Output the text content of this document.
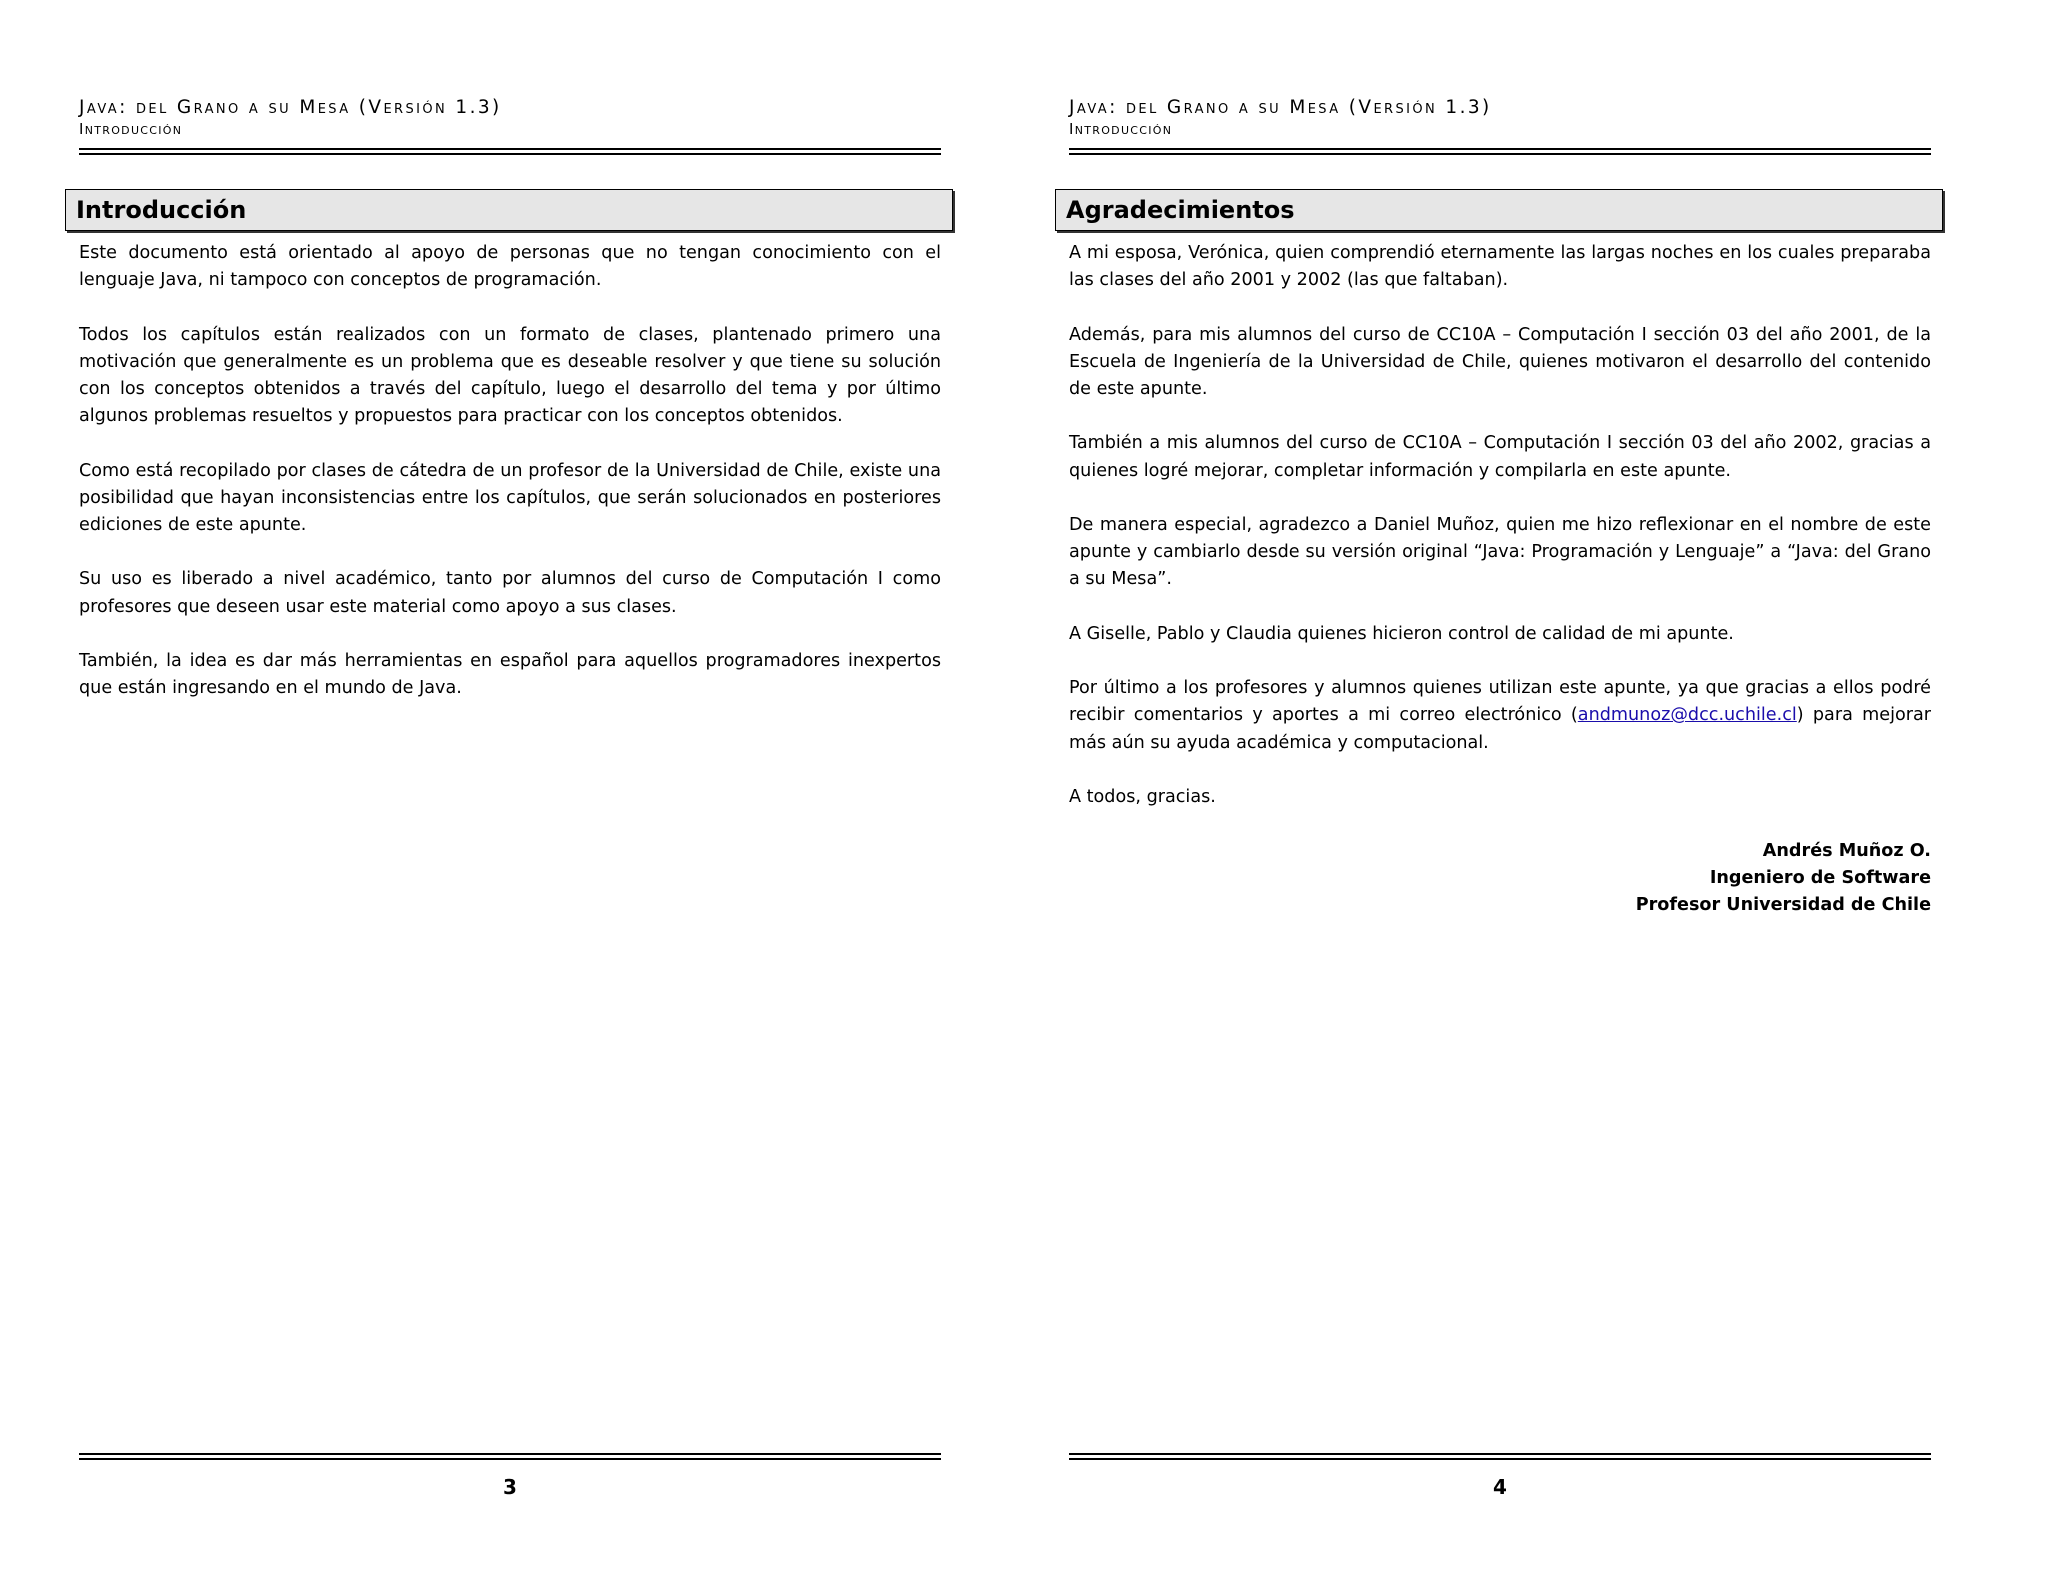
Java: del Grano a su Mesa (Versión 1.3)
Introducción
Introducción

Este documento está orientado al apoyo de personas que no tengan conocimiento con el lenguaje Java, ni tampoco con conceptos de programación.

Todos los capítulos están realizados con un formato de clases, plantenado primero una motivación que generalmente es un problema que es deseable resolver y que tiene su solución con los conceptos obtenidos a través del capítulo, luego el desarrollo del tema y por último algunos problemas resueltos y propuestos para practicar con los conceptos obtenidos.

Como está recopilado por clases de cátedra de un profesor de la Universidad de Chile, existe una posibilidad que hayan inconsistencias entre los capítulos, que serán solucionados en posteriores ediciones de este apunte.

Su uso es liberado a nivel académico, tanto por alumnos del curso de Computación I como profesores que deseen usar este material como apoyo a sus clases.

También, la idea es dar más herramientas en español para aquellos programadores inexpertos que están ingresando en el mundo de Java.

3
Java: del Grano a su Mesa (Versión 1.3)
Introducción
Agradecimientos

A mi esposa, Verónica, quien comprendió eternamente las largas noches en los cuales preparaba las clases del año 2001 y 2002 (las que faltaban).

Además, para mis alumnos del curso de CC10A – Computación I sección 03 del año 2001, de la Escuela de Ingeniería de la Universidad de Chile, quienes motivaron el desarrollo del contenido de este apunte.

También a mis alumnos del curso de CC10A – Computación I sección 03 del año 2002, gracias a quienes logré mejorar, completar información y compilarla en este apunte.

De manera especial, agradezco a Daniel Muñoz, quien me hizo reflexionar en el nombre de este apunte y cambiarlo desde su versión original “Java: Programación y Lenguaje” a “Java: del Grano a su Mesa”.

A Giselle, Pablo y Claudia quienes hicieron control de calidad de mi apunte.

Por último a los profesores y alumnos quienes utilizan este apunte, ya que gracias a ellos podré recibir comentarios y aportes a mi correo electrónico (andmunoz@dcc.uchile.cl) para mejorar más aún su ayuda académica y computacional.

A todos, gracias.

Andrés Muñoz O.
Ingeniero de Software
Profesor Universidad de Chile
4
